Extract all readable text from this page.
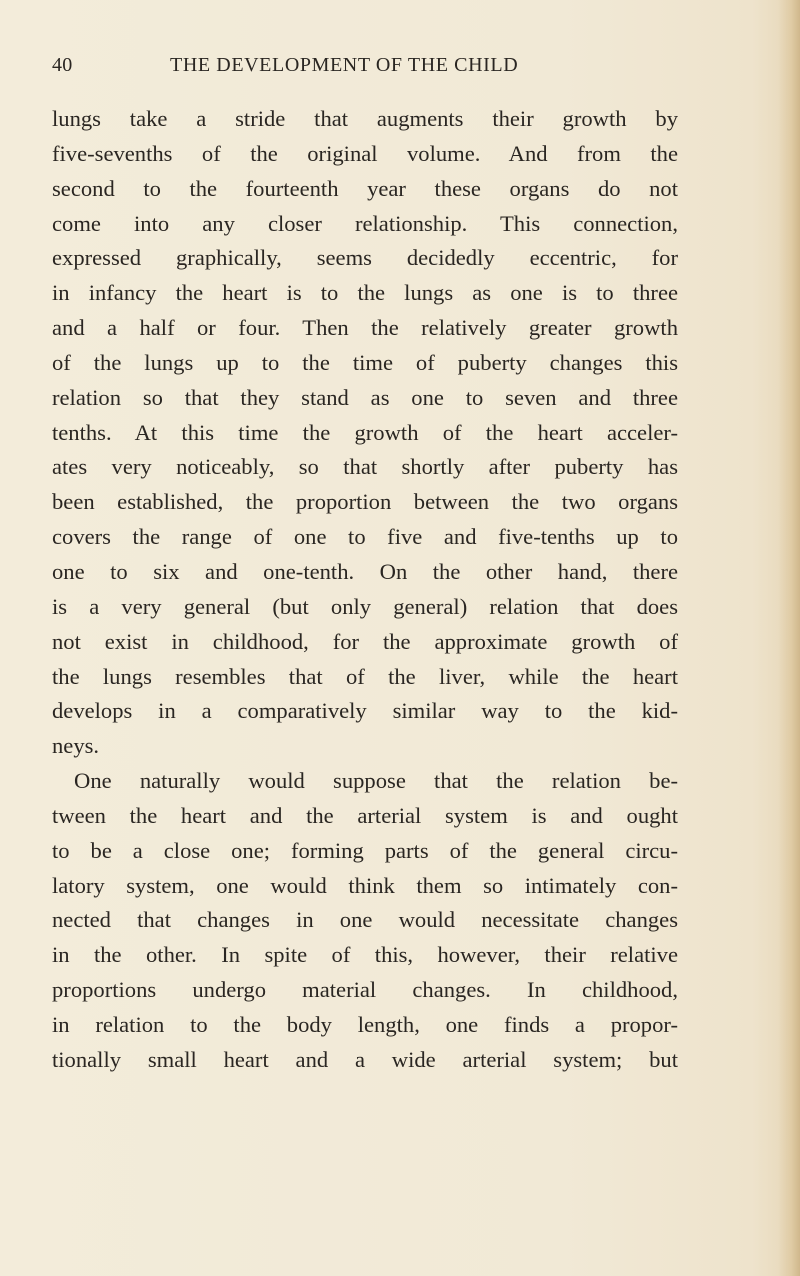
40	THE DEVELOPMENT OF THE CHILD
lungs take a stride that augments their growth by
five-sevenths of the original volume. And from the
second to the fourteenth year these organs do not
come into any closer relationship. This connection,
expressed graphically, seems decidedly eccentric, for
in infancy the heart is to the lungs as one is to three
and a half or four. Then the relatively greater growth
of the lungs up to the time of puberty changes this
relation so that they stand as one to seven and three
tenths. At this time the growth of the heart acceler-
ates very noticeably, so that shortly after puberty has
been established, the proportion between the two organs
covers the range of one to five and five-tenths up to
one to six and one-tenth. On the other hand, there
is a very general (but only general) relation that does
not exist in childhood, for the approximate growth of
the lungs resembles that of the liver, while the heart
develops in a comparatively similar way to the kid-
neys.
One naturally would suppose that the relation be-
tween the heart and the arterial system is and ought
to be a close one; forming parts of the general circu-
latory system, one would think them so intimately con-
nected that changes in one would necessitate changes
in the other. In spite of this, however, their relative
proportions undergo material changes. In childhood,
in relation to the body length, one finds a propor-
tionally small heart and a wide arterial system; but
